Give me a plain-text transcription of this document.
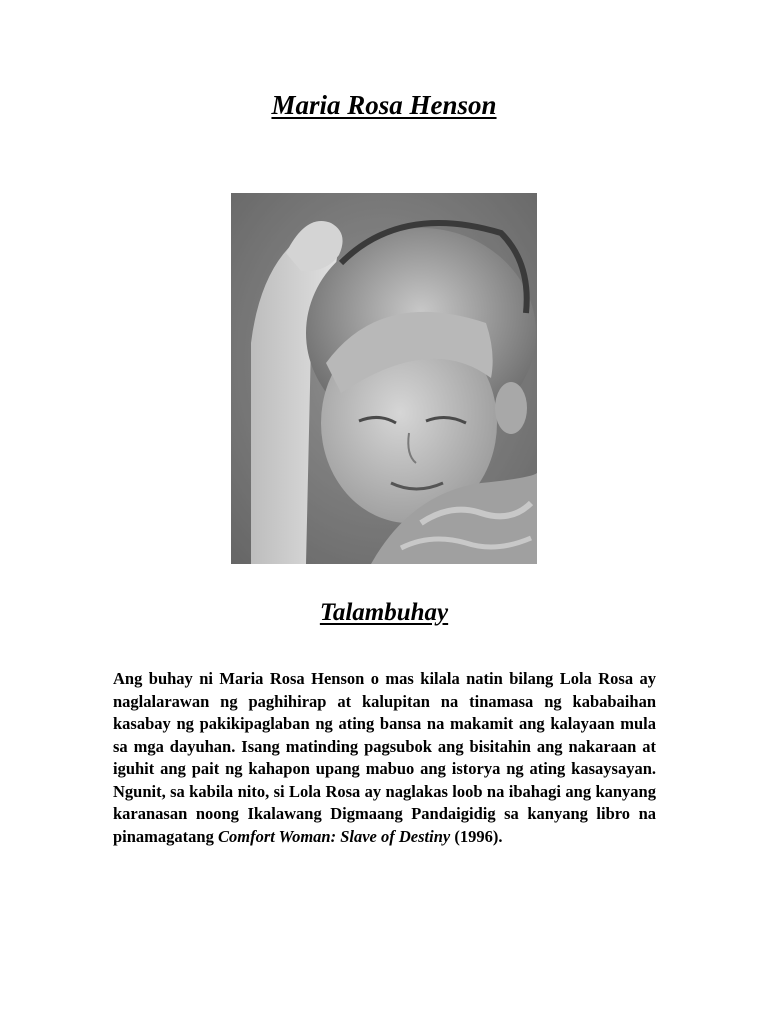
Maria Rosa Henson
Talambuhay

Ang buhay ni Maria Rosa Henson o mas kilala natin bilang Lola Rosa ay naglalarawan ng paghihirap at kalupitan na tinamasa ng kababaihan kasabay ng pakikipaglaban ng ating bansa na makamit ang kalayaan mula sa mga dayuhan. Isang matinding pagsubok ang bisitahin ang nakaraan at iguhit ang pait ng kahapon upang mabuo ang istorya ng ating kasaysayan. Ngunit, sa kabila nito, si Lola Rosa ay naglakas loob na ibahagi ang kanyang karanasan noong Ikalawang Digmaang Pandaigidig sa kanyang libro na pinamagatang Comfort Woman: Slave of Destiny (1996).
